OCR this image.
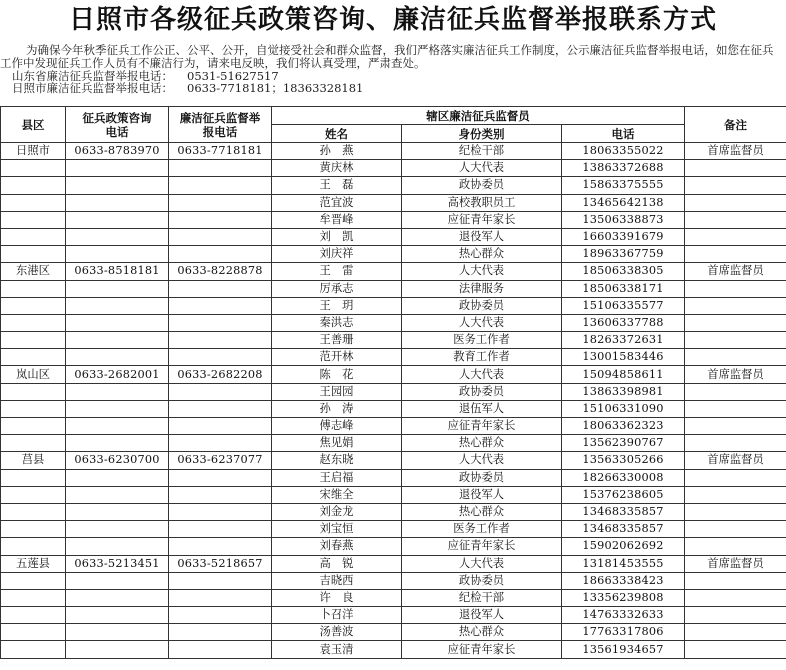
日照市各级征兵政策咨询、廉洁征兵监督举报联系方式
为确保今年秋季征兵工作公正、公平、公开，自觉接受社会和群众监督，我们严格落实廉洁征兵工作制度，公示廉洁征兵监督举报电话，如您在征兵工作中发现征兵工作人员有不廉洁行为，请来电反映，我们将认真受理，严肃查处。
山东省廉洁征兵监督举报电话： 0531-51627517
日照市廉洁征兵监督举报电话： 0633-7718181；18363328181
县区	征兵政策咨询电话	廉洁征兵监督举报电话	辖区廉洁征兵监督员			备注
			姓名	身份类别	电话	
日照市	0633-8783970	0633-7718181	孙　燕	纪检干部	18063355022	首席监督员
			黄庆林	人大代表	13863372688	
			王　磊	政协委员	15863375555	
			范宜波	高校教职员工	13465642138	
			牟晋峰	应征青年家长	13506338873	
			刘　凯	退役军人	16603391679	
			刘庆祥	热心群众	18963367759	
东港区	0633-8518181	0633-8228878	王　雷	人大代表	18506338305	首席监督员
			厉承志	法律服务	18506338171	
			王　玥	政协委员	15106335577	
			秦洪志	人大代表	13606337788	
			王善珊	医务工作者	18263372631	
			范开林	教育工作者	13001583446	
岚山区	0633-2682001	0633-2682208	陈　花	人大代表	15094858611	首席监督员
			王园园	政协委员	13863398981	
			孙　涛	退伍军人	15106331090	
			傅志峰	应征青年家长	18063362323	
			焦见娟	热心群众	13562390767	
莒县	0633-6230700	0633-6237077	赵东晓	人大代表	13563305266	首席监督员
			王启福	政协委员	18266330008	
			宋维全	退役军人	15376238605	
			刘金龙	热心群众	13468335857	
			刘宝恒	医务工作者	13468335857	
			刘春燕	应征青年家长	15902062692	
五莲县	0633-5213451	0633-5218657	高　锐	人大代表	13181453555	首席监督员
			吉晓西	政协委员	18663338423	
			许　良	纪检干部	13356239808	
			卜召洋	退役军人	14763332633	
			汤善波	热心群众	17763317806	
			袁玉清	应征青年家长	13561934657	
